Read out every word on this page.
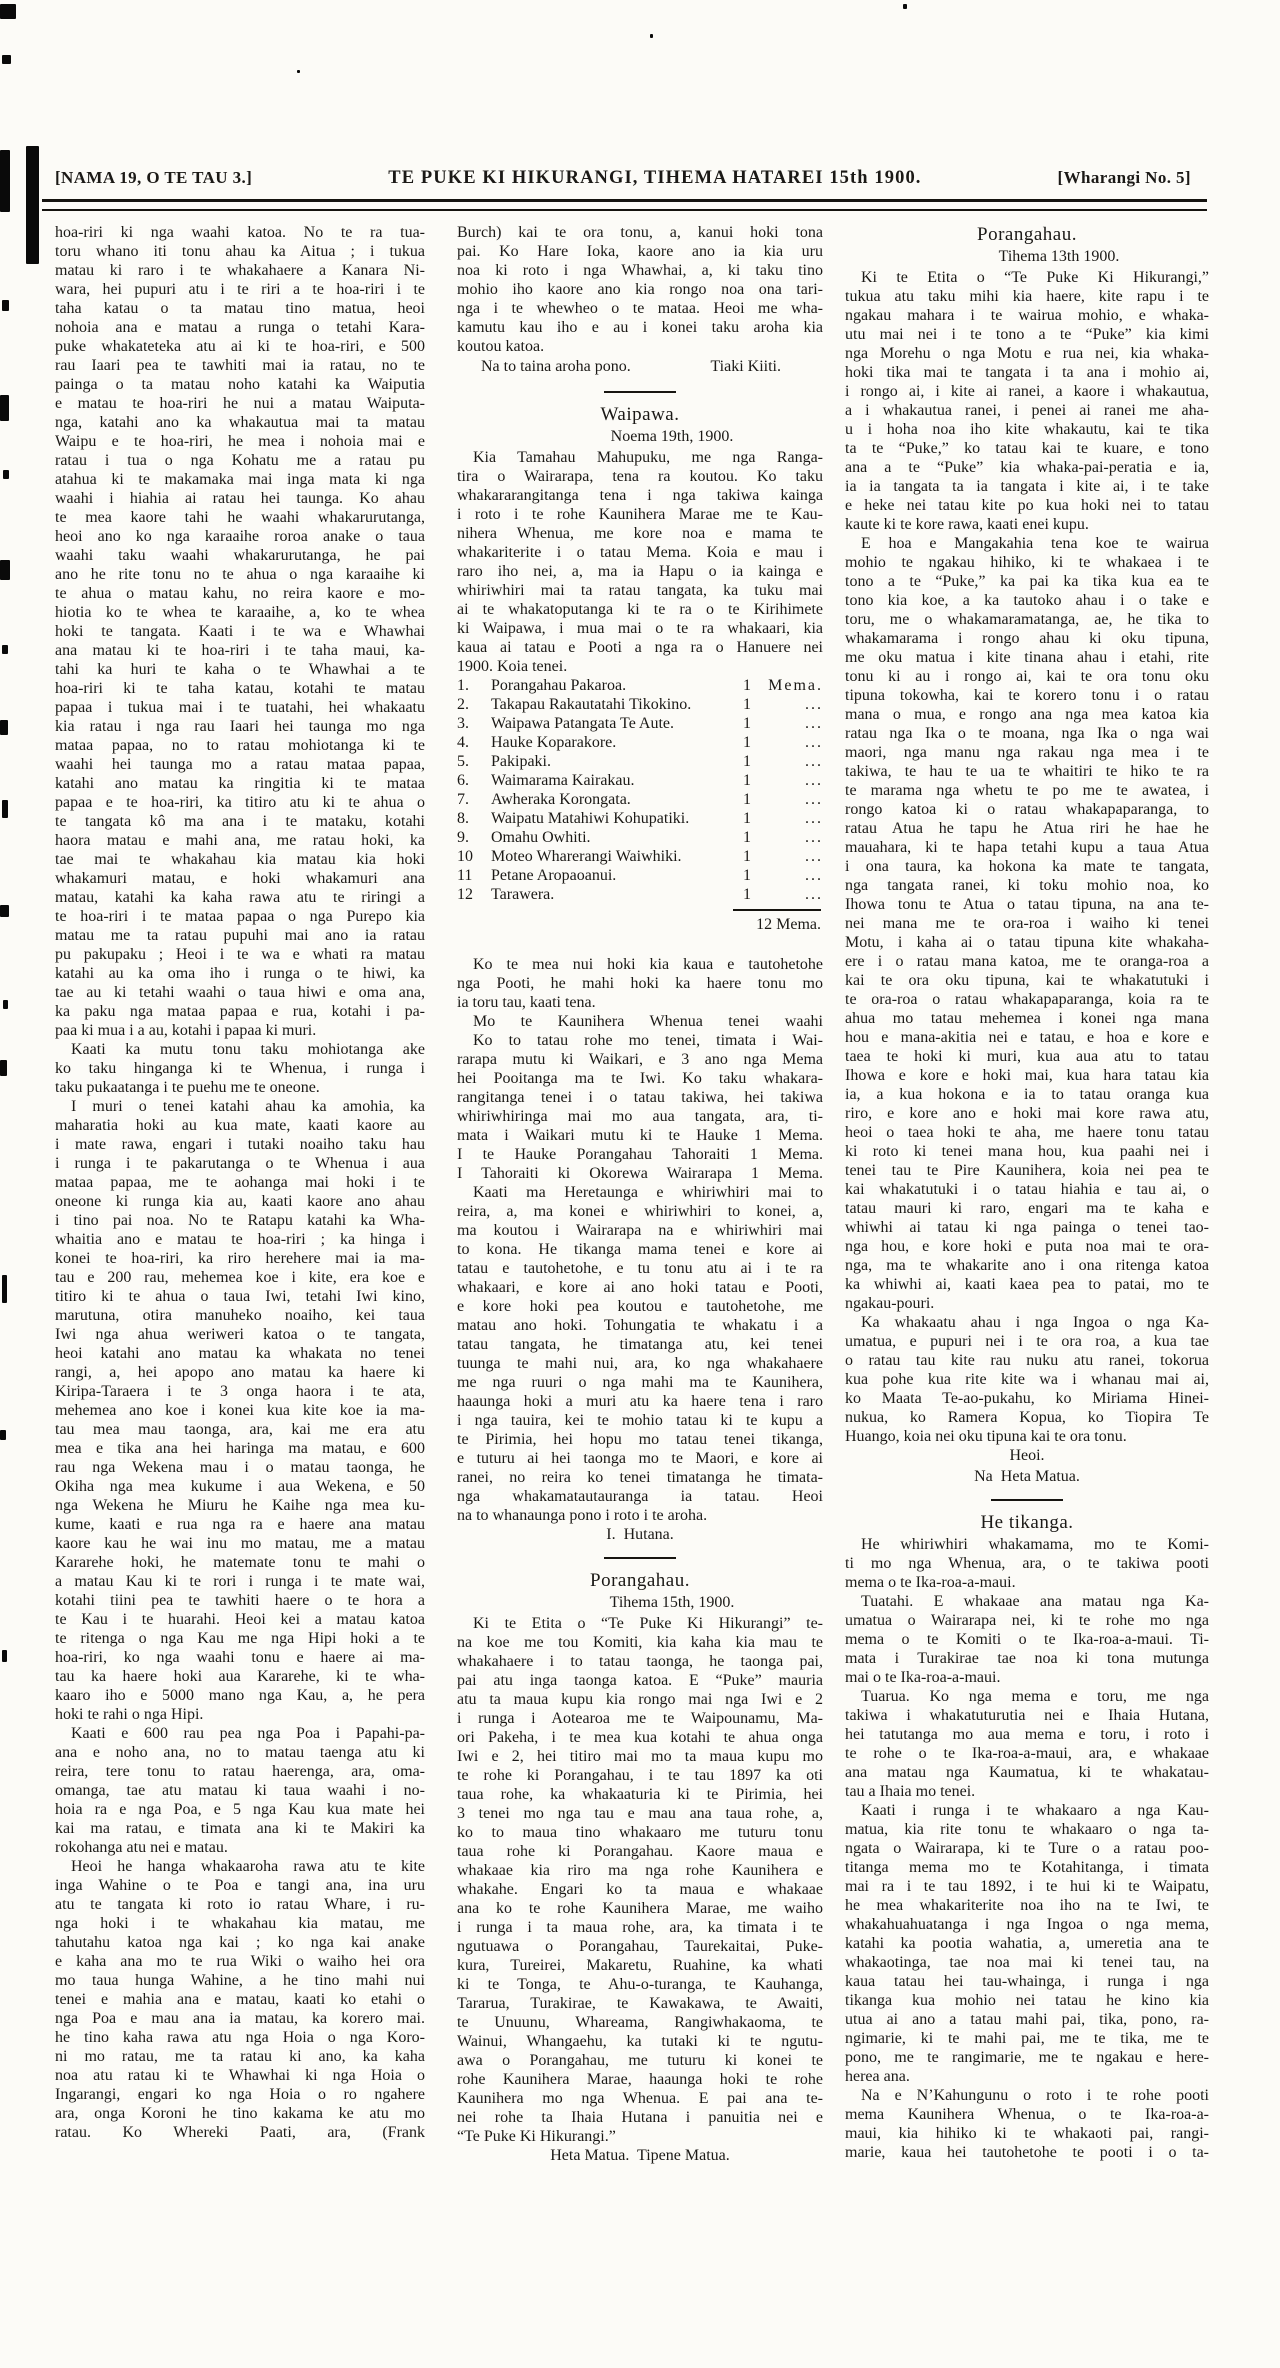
[NAMA 19, O TE TAU 3.]	TE PUKE KI HIKURANGI, TIHEMA HATAREI 15th 1900.	[Wharangi No. 5]
hoa-riri ki nga waahi katoa. No te ra tua-
toru whano iti tonu ahau ka Aitua ; i tukua
matau ki raro i te whakahaere a Kanara Ni-
wara, hei pupuri atu i te riri a te hoa-riri i te
taha katau o ta matau tino matua, heoi
nohoia ana e matau a runga o tetahi Kara-
puke whakateteka atu ai ki te hoa-riri, e 500
rau Iaari pea te tawhiti mai ia ratau, no te
painga o ta matau noho katahi ka Waiputia
e matau te hoa-riri he nui a matau Waiputa-
nga, katahi ano ka whakautua mai ta matau
Waipu e te hoa-riri, he mea i nohoia mai e
ratau i tua o nga Kohatu me a ratau pu
atahua ki te makamaka mai inga mata ki nga
waahi i hiahia ai ratau hei taunga. Ko ahau
te mea kaore tahi he waahi whakarurutanga,
heoi ano ko nga karaaihe roroa anake o taua
waahi taku waahi whakarurutanga, he pai
ano he rite tonu no te ahua o nga karaaihe ki
te ahua o matau kahu, no reira kaore e mo-
hiotia ko te whea te karaaihe, a, ko te whea
hoki te tangata. Kaati i te wa e Whawhai
ana matau ki te hoa-riri i te taha maui, ka-
tahi ka huri te kaha o te Whawhai a te
hoa-riri ki te taha katau, kotahi te matau
papaa i tukua mai i te tuatahi, hei whakaatu
kia ratau i nga rau Iaari hei taunga mo nga
mataa papaa, no to ratau mohiotanga ki te
waahi hei taunga mo a ratau mataa papaa,
katahi ano matau ka ringitia ki te mataa
papaa e te hoa-riri, ka titiro atu ki te ahua o
te tangata kô ma ana i te mataku, kotahi
haora matau e mahi ana, me ratau hoki, ka
tae mai te whakahau kia matau kia hoki
whakamuri matau, e hoki whakamuri ana
matau, katahi ka kaha rawa atu te riringi a
te hoa-riri i te mataa papaa o nga Purepo kia
matau me ta ratau pupuhi mai ano ia ratau
pu pakupaku ; Heoi i te wa e whati ra matau
katahi au ka oma iho i runga o te hiwi, ka
tae au ki tetahi waahi o taua hiwi e oma ana,
ka paku nga mataa papaa e rua, kotahi i pa-
paa ki mua i a au, kotahi i papaa ki muri.
Kaati ka mutu tonu taku mohiotanga ake
ko taku hinganga ki te Whenua, i runga i
taku pukaatanga i te puehu me te oneone.
I muri o tenei katahi ahau ka amohia, ka
maharatia hoki au kua mate, kaati kaore au
i mate rawa, engari i tutaki noaiho taku hau
i runga i te pakarutanga o te Whenua i aua
mataa papaa, me te aohanga mai hoki i te
oneone ki runga kia au, kaati kaore ano ahau
i tino pai noa. No te Ratapu katahi ka Wha-
whaitia ano e matau te hoa-riri ; ka hinga i
konei te hoa-riri, ka riro herehere mai ia ma-
tau e 200 rau, mehemea koe i kite, era koe e
titiro ki te ahua o taua Iwi, tetahi Iwi kino,
marutuna, otira manuheko noaiho, kei taua
Iwi nga ahua weriweri katoa o te tangata,
heoi katahi ano matau ka whakata no tenei
rangi, a, hei apopo ano matau ka haere ki
Kiripa-Taraera i te 3 onga haora i te ata,
mehemea ano koe i konei kua kite koe ia ma-
tau mea mau taonga, ara, kai me era atu
mea e tika ana hei haringa ma matau, e 600
rau nga Wekena mau i o matau taonga, he
Okiha nga mea kukume i aua Wekena, e 50
nga Wekena he Miuru he Kaihe nga mea ku-
kume, kaati e rua nga ra e haere ana matau
kaore kau he wai inu mo matau, me a matau
Kararehe hoki, he matemate tonu te mahi o
a matau Kau ki te rori i runga i te mate wai,
kotahi tiini pea te tawhiti haere o te hora a
te Kau i te huarahi. Heoi kei a matau katoa
te ritenga o nga Kau me nga Hipi hoki a te
hoa-riri, ko nga waahi tonu e haere ai ma-
tau ka haere hoki aua Kararehe, ki te wha-
kaaro iho e 5000 mano nga Kau, a, he pera
hoki te rahi o nga Hipi.
Kaati e 600 rau pea nga Poa i Papahi-pa-
ana e noho ana, no to matau taenga atu ki
reira, tere tonu to ratau haerenga, ara, oma-
omanga, tae atu matau ki taua waahi i no-
hoia ra e nga Poa, e 5 nga Kau kua mate hei
kai ma ratau, e timata ana ki te Makiri ka
rokohanga atu nei e matau.
Heoi he hanga whakaaroha rawa atu te kite
inga Wahine o te Poa e tangi ana, ina uru
atu te tangata ki roto io ratau Whare, i ru-
nga hoki i te whakahau kia matau, me
tahutahu katoa nga kai ; ko nga kai anake
e kaha ana mo te rua Wiki o waiho hei ora
mo taua hunga Wahine, a he tino mahi nui
tenei e mahia ana e matau, kaati ko etahi o
nga Poa e mau ana ia matau, ka korero mai.
he tino kaha rawa atu nga Hoia o nga Koro-
ni mo ratau, me ta ratau ki ano, ka kaha
noa atu ratau ki te Whawhai ki nga Hoia o
Ingarangi, engari ko nga Hoia o ro ngahere
ara, onga Koroni he tino kakama ke atu mo
ratau. Ko Whereki Paati, ara, (Frank
Burch) kai te ora tonu, a, kanui hoki tona
pai. Ko Hare Ioka, kaore ano ia kia uru
noa ki roto i nga Whawhai, a, ki taku tino
mohio iho kaore ano kia rongo noa ona tari-
nga i te whewheo o te mataa. Heoi me wha-
kamutu kau iho e au i konei taku aroha kia
koutou katoa.
Na to taina aroha pono.	Tiaki Kiiti.
Waipawa.
Noema 19th, 1900.
Kia Tamahau Mahupuku, me nga Ranga-
tira o Wairarapa, tena ra koutou. Ko taku
whakararangitanga tena i nga takiwa kainga
i roto i te rohe Kaunihera Marae me te Kau-
nihera Whenua, me kore noa e mama te
whakariterite i o tatau Mema. Koia e mau i
raro iho nei, a, ma ia Hapu o ia kainga e
whiriwhiri mai ta ratau tangata, ka tuku mai
ai te whakatoputanga ki te ra o te Kirihimete
ki Waipawa, i mua mai o te ra whakaari, kia
kaua ai tatau e Pooti a nga ra o Hanuere nei
1900. Koia tenei.
1.	Porangahau Pakaroa.	1	Mema.
2.	Takapau Rakautatahi Tikokino.	1	...
3.	Waipawa Patangata Te Aute.	1	...
4.	Hauke Koparakore.	1	...
5.	Pakipaki.	1	...
6.	Waimarama Kairakau.	1	...
7.	Awheraka Korongata.	1	...
8.	Waipatu Matahiwi Kohupatiki.	1	...
9.	Omahu Owhiti.	1	...
10	Moteo Wharerangi Waiwhiki.	1	...
11	Petane Aropaoanui.	1	...
12	Tarawera.	1	...
12 Mema.
Ko te mea nui hoki kia kaua e tautohetohe
nga Pooti, he mahi hoki ka haere tonu mo
ia toru tau, kaati tena.
Mo te Kaunihera Whenua tenei waahi
Ko to tatau rohe mo tenei, timata i Wai-
rarapa mutu ki Waikari, e 3 ano nga Mema
hei Pooitanga ma te Iwi. Ko taku whakara-
rangitanga tenei i o tatau takiwa, hei takiwa
whiriwhiringa mai mo aua tangata, ara, ti-
mata i Waikari mutu ki te Hauke 1 Mema.
I te Hauke Porangahau Tahoraiti 1 Mema.
I Tahoraiti ki Okorewa Wairarapa 1 Mema.
Kaati ma Heretaunga e whiriwhiri mai to
reira, a, ma konei e whiriwhiri to konei, a,
ma koutou i Wairarapa na e whiriwhiri mai
to kona. He tikanga mama tenei e kore ai
tatau e tautohetohe, e tu tonu atu ai i te ra
whakaari, e kore ai ano hoki tatau e Pooti,
e kore hoki pea koutou e tautohetohe, me
matau ano hoki. Tohungatia te whakatu i a
tatau tangata, he timatanga atu, kei tenei
tuunga te mahi nui, ara, ko nga whakahaere
me nga ruuri o nga mahi ma te Kaunihera,
haaunga hoki a muri atu ka haere tena i raro
i nga tauira, kei te mohio tatau ki te kupu a
te Pirimia, hei hopu mo tatau tenei tikanga,
e tuturu ai hei taonga mo te Maori, e kore ai
ranei, no reira ko tenei timatanga he timata-
nga whakamatautauranga ia tatau. Heoi
na to whanaunga pono i roto i te aroha.
I.  Hutana.
Porangahau.
Tihema 15th, 1900.
Ki te Etita o “Te Puke Ki Hikurangi” te-
na koe me tou Komiti, kia kaha kia mau te
whakahaere i to tatau taonga, he taonga pai,
pai atu inga taonga katoa. E “Puke” mauria
atu ta maua kupu kia rongo mai nga Iwi e 2
i runga i Aotearoa me te Waipounamu, Ma-
ori Pakeha, i te mea kua kotahi te ahua onga
Iwi e 2, hei titiro mai mo ta maua kupu mo
te rohe ki Porangahau, i te tau 1897 ka oti
taua rohe, ka whakaaturia ki te Pirimia, hei
3 tenei mo nga tau e mau ana taua rohe, a,
ko to maua tino whakaaro me tuturu tonu
taua rohe ki Porangahau. Kaore maua e
whakaae kia riro ma nga rohe Kaunihera e
whakahe. Engari ko ta maua e whakaae
ana ko te rohe Kaunihera Marae, me waiho
i runga i ta maua rohe, ara, ka timata i te
ngutuawa o Porangahau, Taurekaitai, Puke-
kura, Tureirei, Makaretu, Ruahine, ka whati
ki te Tonga, te Ahu-o-turanga, te Kauhanga,
Tararua, Turakirae, te Kawakawa, te Awaiti,
te Unuunu, Whareama, Rangiwhakaoma, te
Wainui, Whangaehu, ka tutaki ki te ngutu-
awa o Porangahau, me tuturu ki konei te
rohe Kaunihera Marae, haaunga hoki te rohe
Kaunihera mo nga Whenua. E pai ana te-
nei rohe ta Ihaia Hutana i panuitia nei e
“Te Puke Ki Hikurangi.”
Heta Matua.  Tipene Matua.
Porangahau.
Tihema 13th 1900.
Ki te Etita o “Te Puke Ki Hikurangi,”
tukua atu taku mihi kia haere, kite rapu i te
ngakau mahara i te wairua mohio, e whaka-
utu mai nei i te tono a te “Puke” kia kimi
nga Morehu o nga Motu e rua nei, kia whaka-
hoki tika mai te tangata i ta ana i mohio ai,
i rongo ai, i kite ai ranei, a kaore i whakautua,
a i whakautua ranei, i penei ai ranei me aha-
u i hoha noa iho kite whakautu, kai te tika
ta te “Puke,” ko tatau kai te kuare, e tono
ana a te “Puke” kia whaka-pai-peratia e ia,
ia ia tangata ta ia tangata i kite ai, i te take
e heke nei tatau kite po kua hoki nei to tatau
kaute ki te kore rawa, kaati enei kupu.
E hoa e Mangakahia tena koe te wairua
mohio te ngakau hihiko, ki te whakaea i te
tono a te “Puke,” ka pai ka tika kua ea te
tono kia koe, a ka tautoko ahau i o take e
toru, me o whakamaramatanga, ae, he tika to
whakamarama i rongo ahau ki oku tipuna,
me oku matua i kite tinana ahau i etahi, rite
tonu ki au i rongo ai, kai te ora tonu oku
tipuna tokowha, kai te korero tonu i o ratau
mana o mua, e rongo ana nga mea katoa kia
ratau nga Ika o te moana, nga Ika o nga wai
maori, nga manu nga rakau nga mea i te
takiwa, te hau te ua te whaitiri te hiko te ra
te marama nga whetu te po me te awatea, i
rongo katoa ki o ratau whakapaparanga, to
ratau Atua he tapu he Atua riri he hae he
mauahara, ki te hapa tetahi kupu a taua Atua
i ona taura, ka hokona ka mate te tangata,
nga tangata ranei, ki toku mohio noa, ko
Ihowa tonu te Atua o tatau tipuna, na ana te-
nei mana me te ora-roa i waiho ki tenei
Motu, i kaha ai o tatau tipuna kite whakaha-
ere i o ratau mana katoa, me te oranga-roa a
kai te ora oku tipuna, kai te whakatutuki i
te ora-roa o ratau whakapaparanga, koia ra te
ahua mo tatau mehemea i konei nga mana
hou e mana-akitia nei e tatau, e hoa e kore e
taea te hoki ki muri, kua aua atu to tatau
Ihowa e kore e hoki mai, kua hara tatau kia
ia, a kua hokona e ia to tatau oranga kua
riro, e kore ano e hoki mai kore rawa atu,
heoi o taea hoki te aha, me haere tonu tatau
ki roto ki tenei mana hou, kua paahi nei i
tenei tau te Pire Kaunihera, koia nei pea te
kai whakatutuki i o tatau hiahia e tau ai, o
tatau mauri ki raro, engari ma te kaha e
whiwhi ai tatau ki nga painga o tenei tao-
nga hou, e kore hoki e puta noa mai te ora-
nga, ma te whakarite ano i ona ritenga katoa
ka whiwhi ai, kaati kaea pea to patai, mo te
ngakau-pouri.
Ka whakaatu ahau i nga Ingoa o nga Ka-
umatua, e pupuri nei i te ora roa, a kua tae
o ratau tau kite rau nuku atu ranei, tokorua
kua pohe kua rite kite wa i whanau mai ai,
ko Maata Te-ao-pukahu, ko Miriama Hinei-
nukua, ko Ramera Kopua, ko Tiopira Te
Huango, koia nei oku tipuna kai te ora tonu.
Heoi.
Na  Heta Matua.
He tikanga.
He whiriwhiri whakamama, mo te Komi-
ti mo nga Whenua, ara, o te takiwa pooti
mema o te Ika-roa-a-maui.
Tuatahi. E whakaae ana matau nga Ka-
umatua o Wairarapa nei, ki te rohe mo nga
mema o te Komiti o te Ika-roa-a-maui. Ti-
mata i Turakirae tae noa ki tona mutunga
mai o te Ika-roa-a-maui.
Tuarua. Ko nga mema e toru, me nga
takiwa i whakatuturutia nei e Ihaia Hutana,
hei tatutanga mo aua mema e toru, i roto i
te rohe o te Ika-roa-a-maui, ara, e whakaae
ana matau nga Kaumatua, ki te whakatau-
tau a Ihaia mo tenei.
Kaati i runga i te whakaaro a nga Kau-
matua, kia rite tonu te whakaaro o nga ta-
ngata o Wairarapa, ki te Ture o a ratau poo-
titanga mema mo te Kotahitanga, i timata
mai ra i te tau 1892, i te hui ki te Waipatu,
he mea whakariterite noa iho na te Iwi, te
whakahuahuatanga i nga Ingoa o nga mema,
katahi ka pootia wahatia, a, umeretia ana te
whakaotinga, tae noa mai ki tenei tau, na
kaua tatau hei tau-whainga, i runga i nga
tikanga kua mohio nei tatau he kino kia
utua ai ano a tatau mahi pai, tika, pono, ra-
ngimarie, ki te mahi pai, me te tika, me te
pono, me te rangimarie, me te ngakau e here-
herea ana.
Na e N’Kahungunu o roto i te rohe pooti
mema Kaunihera Whenua, o te Ika-roa-a-
maui, kia hihiko ki te whakaoti pai, rangi-
marie, kaua hei tautohetohe te pooti i o ta-
